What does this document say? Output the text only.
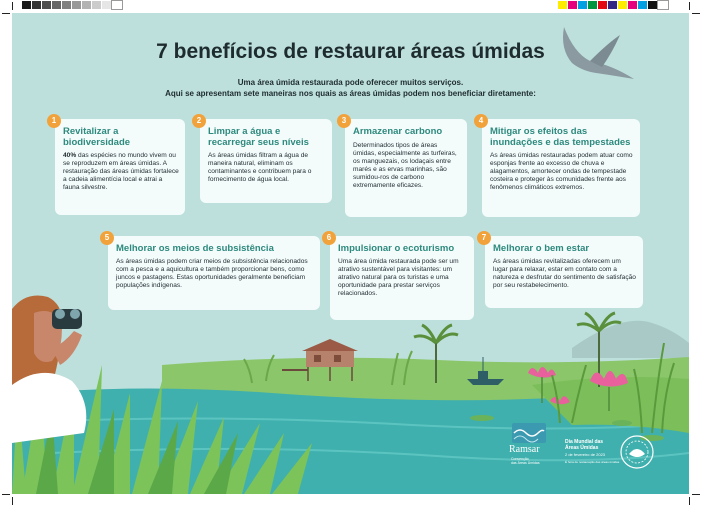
7 benefícios de restaurar áreas úmidas
Uma área úmida restaurada pode oferecer muitos serviços.
Aqui se apresentam sete maneiras nos quais as áreas úmidas podem nos beneficiar diretamente:
Revitalizar a biodiversidade

40% das espécies no mundo vivem ou se reproduzem em áreas úmidas. A restauração das áreas úmidas fortalece a cadeia alimentícia local e atrai a fauna silvestre.

1
Limpar a água e recarregar seus níveis

As áreas úmidas filtram a água de maneira natural, eliminam os contaminantes e contribuem para o fornecimento de água local.

2
Armazenar carbono

Determinados tipos de áreas úmidas, especialmente as turfeiras, os manguezais, os lodaçais entre marés e as ervas marinhas, são sumidou-ros de carbono extremamente eficazes.

3
Mitigar os efeitos das inundações e das tempestades

As áreas úmidas restauradas podem atuar como esponjas frente ao excesso de chuva e alagamentos, amortecer ondas de tempestade costeira e proteger às comunidades frente aos fenômenos climáticos extremos.

4
Melhorar os meios de subsistência

As áreas úmidas podem criar meios de subsistência relacionados com a pesca e a aquicultura e também proporcionar bens, como juncos e pastagens. Estas oportunidades geralmente beneficiam populações indígenas.

5
Impulsionar o ecoturismo

Uma área úmida restaurada pode ser um atrativo sustentável para visitantes: um atrativo natural para os turistas e uma oportunidade para prestar serviços relacionados.

6
Melhorar o bem estar

As áreas úmidas revitalizadas oferecem um lugar para relaxar, estar em contato com a natureza e desfrutar do sentimento de satisfação por seu restabelecimento.

7
Ramsar
Convenção
das Áreas Úmidas
Dia Mundial das
Áreas Úmidas
2 de fevereiro de 2023
É hora de restauração das áreas úmidas
